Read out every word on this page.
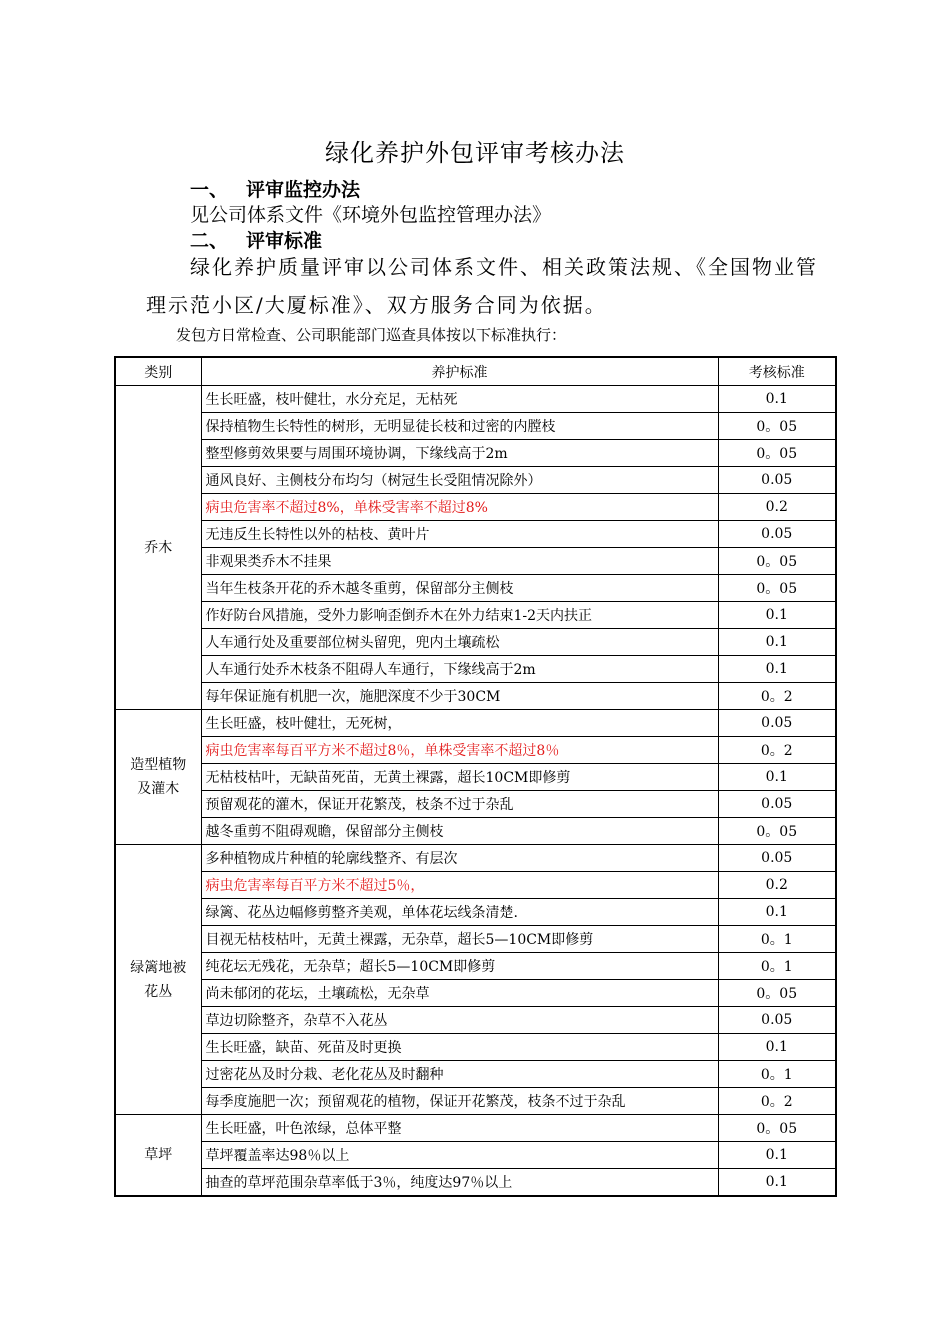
绿化养护外包评审考核办法
一、 评审监控办法
见公司体系文件《环境外包监控管理办法》
二、 评审标准
绿化养护质量评审以公司体系文件、相关政策法规、《全国物业管理示范小区/大厦标准》、双方服务合同为依据。
发包方日常检查、公司职能部门巡查具体按以下标准执行：
类别	养护标准	考核标准
乔木	生长旺盛，枝叶健壮，水分充足，无枯死	0.1
	保持植物生长特性的树形，无明显徒长枝和过密的内膛枝	0。05
	整型修剪效果要与周围环境协调，下缘线高于2m	0。05
	通风良好、主侧枝分布均匀（树冠生长受阻情况除外）	0.05
	病虫危害率不超过8%，单株受害率不超过8%	0.2
	无违反生长特性以外的枯枝、黄叶片	0.05
	非观果类乔木不挂果	0。05
	当年生枝条开花的乔木越冬重剪，保留部分主侧枝	0。05
	作好防台风措施，受外力影响歪倒乔木在外力结束1-2天内扶正	0.1
	人车通行处及重要部位树头留兜，兜内土壤疏松	0.1
	人车通行处乔木枝条不阻碍人车通行，下缘线高于2m	0.1
	每年保证施有机肥一次，施肥深度不少于30CM	0。2
造型植物及灌木	生长旺盛，枝叶健壮，无死树，	0.05
	病虫危害率每百平方米不超过8％，单株受害率不超过8％	0。2
	无枯枝枯叶，无缺苗死苗，无黄土裸露，超长10CM即修剪	0.1
	预留观花的灌木，保证开花繁茂，枝条不过于杂乱	0.05
	越冬重剪不阻碍观瞻，保留部分主侧枝	0。05
绿篱地被花丛	多种植物成片种植的轮廓线整齐、有层次	0.05
	病虫危害率每百平方米不超过5％，	0.2
	绿篱、花丛边幅修剪整齐美观，单体花坛线条清楚.	0.1
	目视无枯枝枯叶，无黄土裸露，无杂草，超长5—10CM即修剪	0。1
	纯花坛无残花，无杂草；超长5—10CM即修剪	0。1
	尚未郁闭的花坛，土壤疏松，无杂草	0。05
	草边切除整齐，杂草不入花丛	0.05
	生长旺盛，缺苗、死苗及时更换	0.1
	过密花丛及时分栽、老化花丛及时翻种	0。1
	每季度施肥一次；预留观花的植物，保证开花繁茂，枝条不过于杂乱	0。2
草坪	生长旺盛，叶色浓绿，总体平整	0。05
	草坪覆盖率达98％以上	0.1
	抽查的草坪范围杂草率低于3％，纯度达97％以上	0.1
